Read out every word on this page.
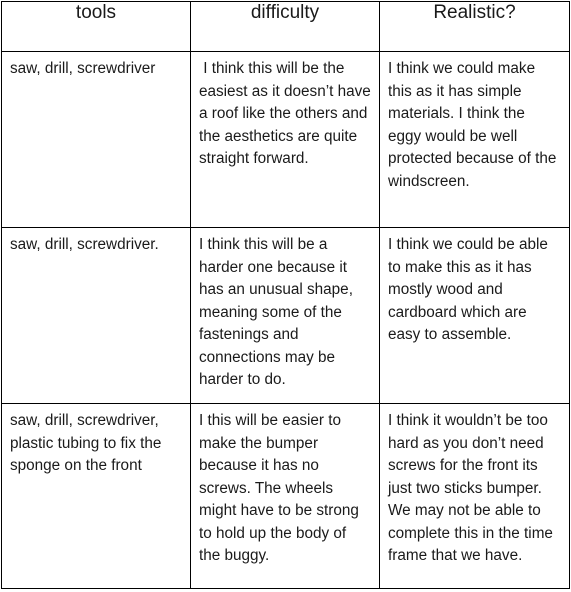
tools	difficulty	Realistic?

saw, drill, screwdriver	I think this will be the easiest as it doesn’t have a roof like the others and the aesthetics are quite straight forward.	I think we could make this as it has simple materials. I think the eggy would be well protected because of the windscreen.

saw, drill, screwdriver.	I think this will be a harder one because it has an unusual shape, meaning some of the fastenings and connections may be harder to do.	I think we could be able to make this as it has mostly wood and cardboard which are easy to assemble.

saw, drill, screwdriver, plastic tubing to fix the sponge on the front	I this will be easier to make the bumper because it has no screws. The wheels might have to be strong to hold up the body of the buggy.	I think it wouldn’t be too hard as you don’t need screws for the front its just two sticks bumper. We may not be able to complete this in the time frame that we have.
